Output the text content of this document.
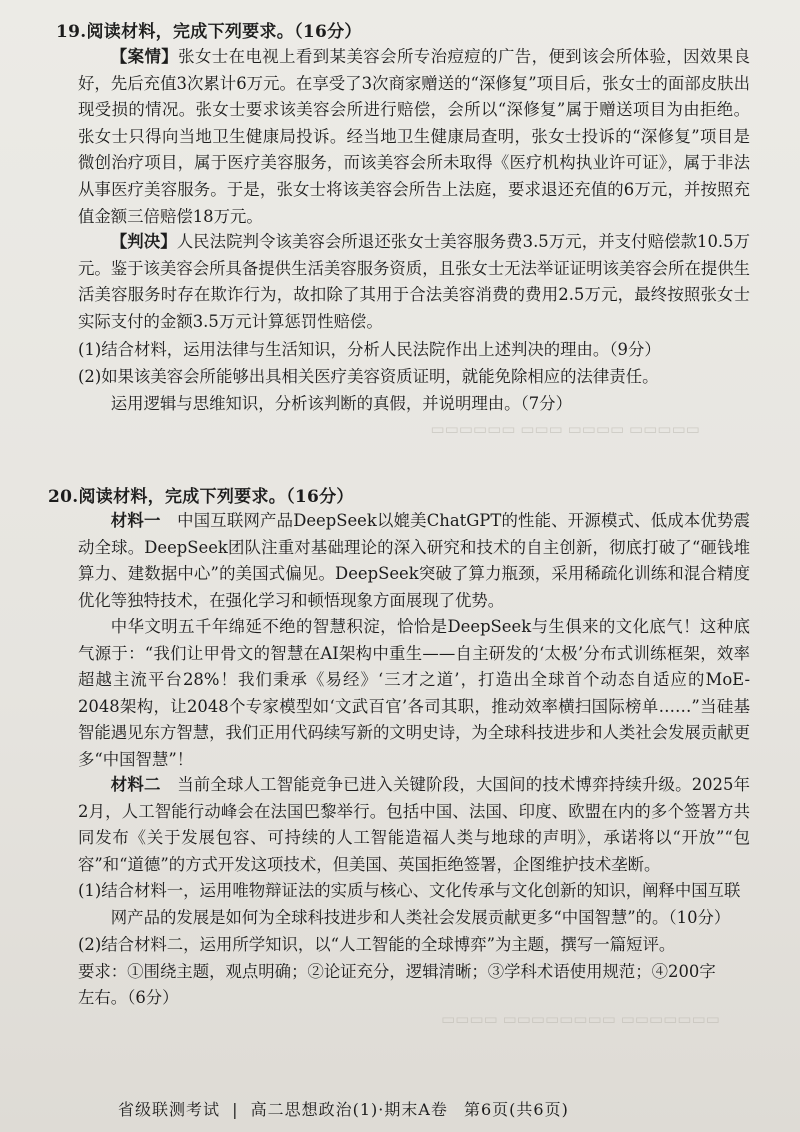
19.阅读材料，完成下列要求。（16分）
【案情】张女士在电视上看到某美容会所专治痘痘的广告，便到该会所体验，因效果良好，先后充值3次累计6万元。在享受了3次商家赠送的“深修复”项目后，张女士的面部皮肤出现受损的情况。张女士要求该美容会所进行赔偿，会所以“深修复”属于赠送项目为由拒绝。张女士只得向当地卫生健康局投诉。经当地卫生健康局查明，张女士投诉的“深修复”项目是微创治疗项目，属于医疗美容服务，而该美容会所未取得《医疗机构执业许可证》，属于非法从事医疗美容服务。于是，张女士将该美容会所告上法庭，要求退还充值的6万元，并按照充值金额三倍赔偿18万元。
【判决】人民法院判令该美容会所退还张女士美容服务费3.5万元，并支付赔偿款10.5万元。鉴于该美容会所具备提供生活美容服务资质，且张女士无法举证证明该美容会所在提供生活美容服务时存在欺诈行为，故扣除了其用于合法美容消费的费用2.5万元，最终按照张女士实际支付的金额3.5万元计算惩罚性赔偿。
(1)结合材料，运用法律与生活知识，分析人民法院作出上述判决的理由。（9分）
(2)如果该美容会所能够出具相关医疗美容资质证明，就能免除相应的法律责任。
运用逻辑与思维知识，分析该判断的真假，并说明理由。（7分）
▭▭▭▭▭ ▭▭▭▭ ▭▭▭ ▭▭▭▭▭▭
20.阅读材料，完成下列要求。（16分）
材料一　 中国互联网产品DeepSeek以媲美ChatGPT的性能、开源模式、低成本优势震动全球。DeepSeek团队注重对基础理论的深入研究和技术的自主创新，彻底打破了“砸钱堆算力、建数据中心”的美国式偏见。DeepSeek突破了算力瓶颈，采用稀疏化训练和混合精度优化等独特技术，在强化学习和顿悟现象方面展现了优势。
中华文明五千年绵延不绝的智慧积淀，恰恰是DeepSeek与生俱来的文化底气！这种底气源于：“我们让甲骨文的智慧在AI架构中重生——自主研发的‘太极’分布式训练框架，效率超越主流平台28%！我们秉承《易经》‘三才之道’，打造出全球首个动态自适应的MoE-2048架构，让2048个专家模型如‘文武百官’各司其职，推动效率横扫国际榜单……”当硅基智能遇见东方智慧，我们正用代码续写新的文明史诗，为全球科技进步和人类社会发展贡献更多“中国智慧”！
材料二　 当前全球人工智能竞争已进入关键阶段，大国间的技术博弈持续升级。2025年2月，人工智能行动峰会在法国巴黎举行。包括中国、法国、印度、欧盟在内的多个签署方共同发布《关于发展包容、可持续的人工智能造福人类与地球的声明》，承诺将以“开放”“包容”和“道德”的方式开发这项技术，但美国、英国拒绝签署，企图维护技术垄断。
(1)结合材料一，运用唯物辩证法的实质与核心、文化传承与文化创新的知识，阐释中国互联
网产品的发展是如何为全球科技进步和人类社会发展贡献更多“中国智慧”的。（10分）
(2)结合材料二，运用所学知识，以“人工智能的全球博弈”为主题，撰写一篇短评。
要求：①围绕主题，观点明确；②论证充分，逻辑清晰；③学科术语使用规范；④200字
左右。（6分）
▭▭▭▭▭▭▭ ▭▭▭▭▭▭▭▭ ▭▭▭▭
省级联测考试 | 高二思想政治(1)·期末A卷 第6页(共6页)
